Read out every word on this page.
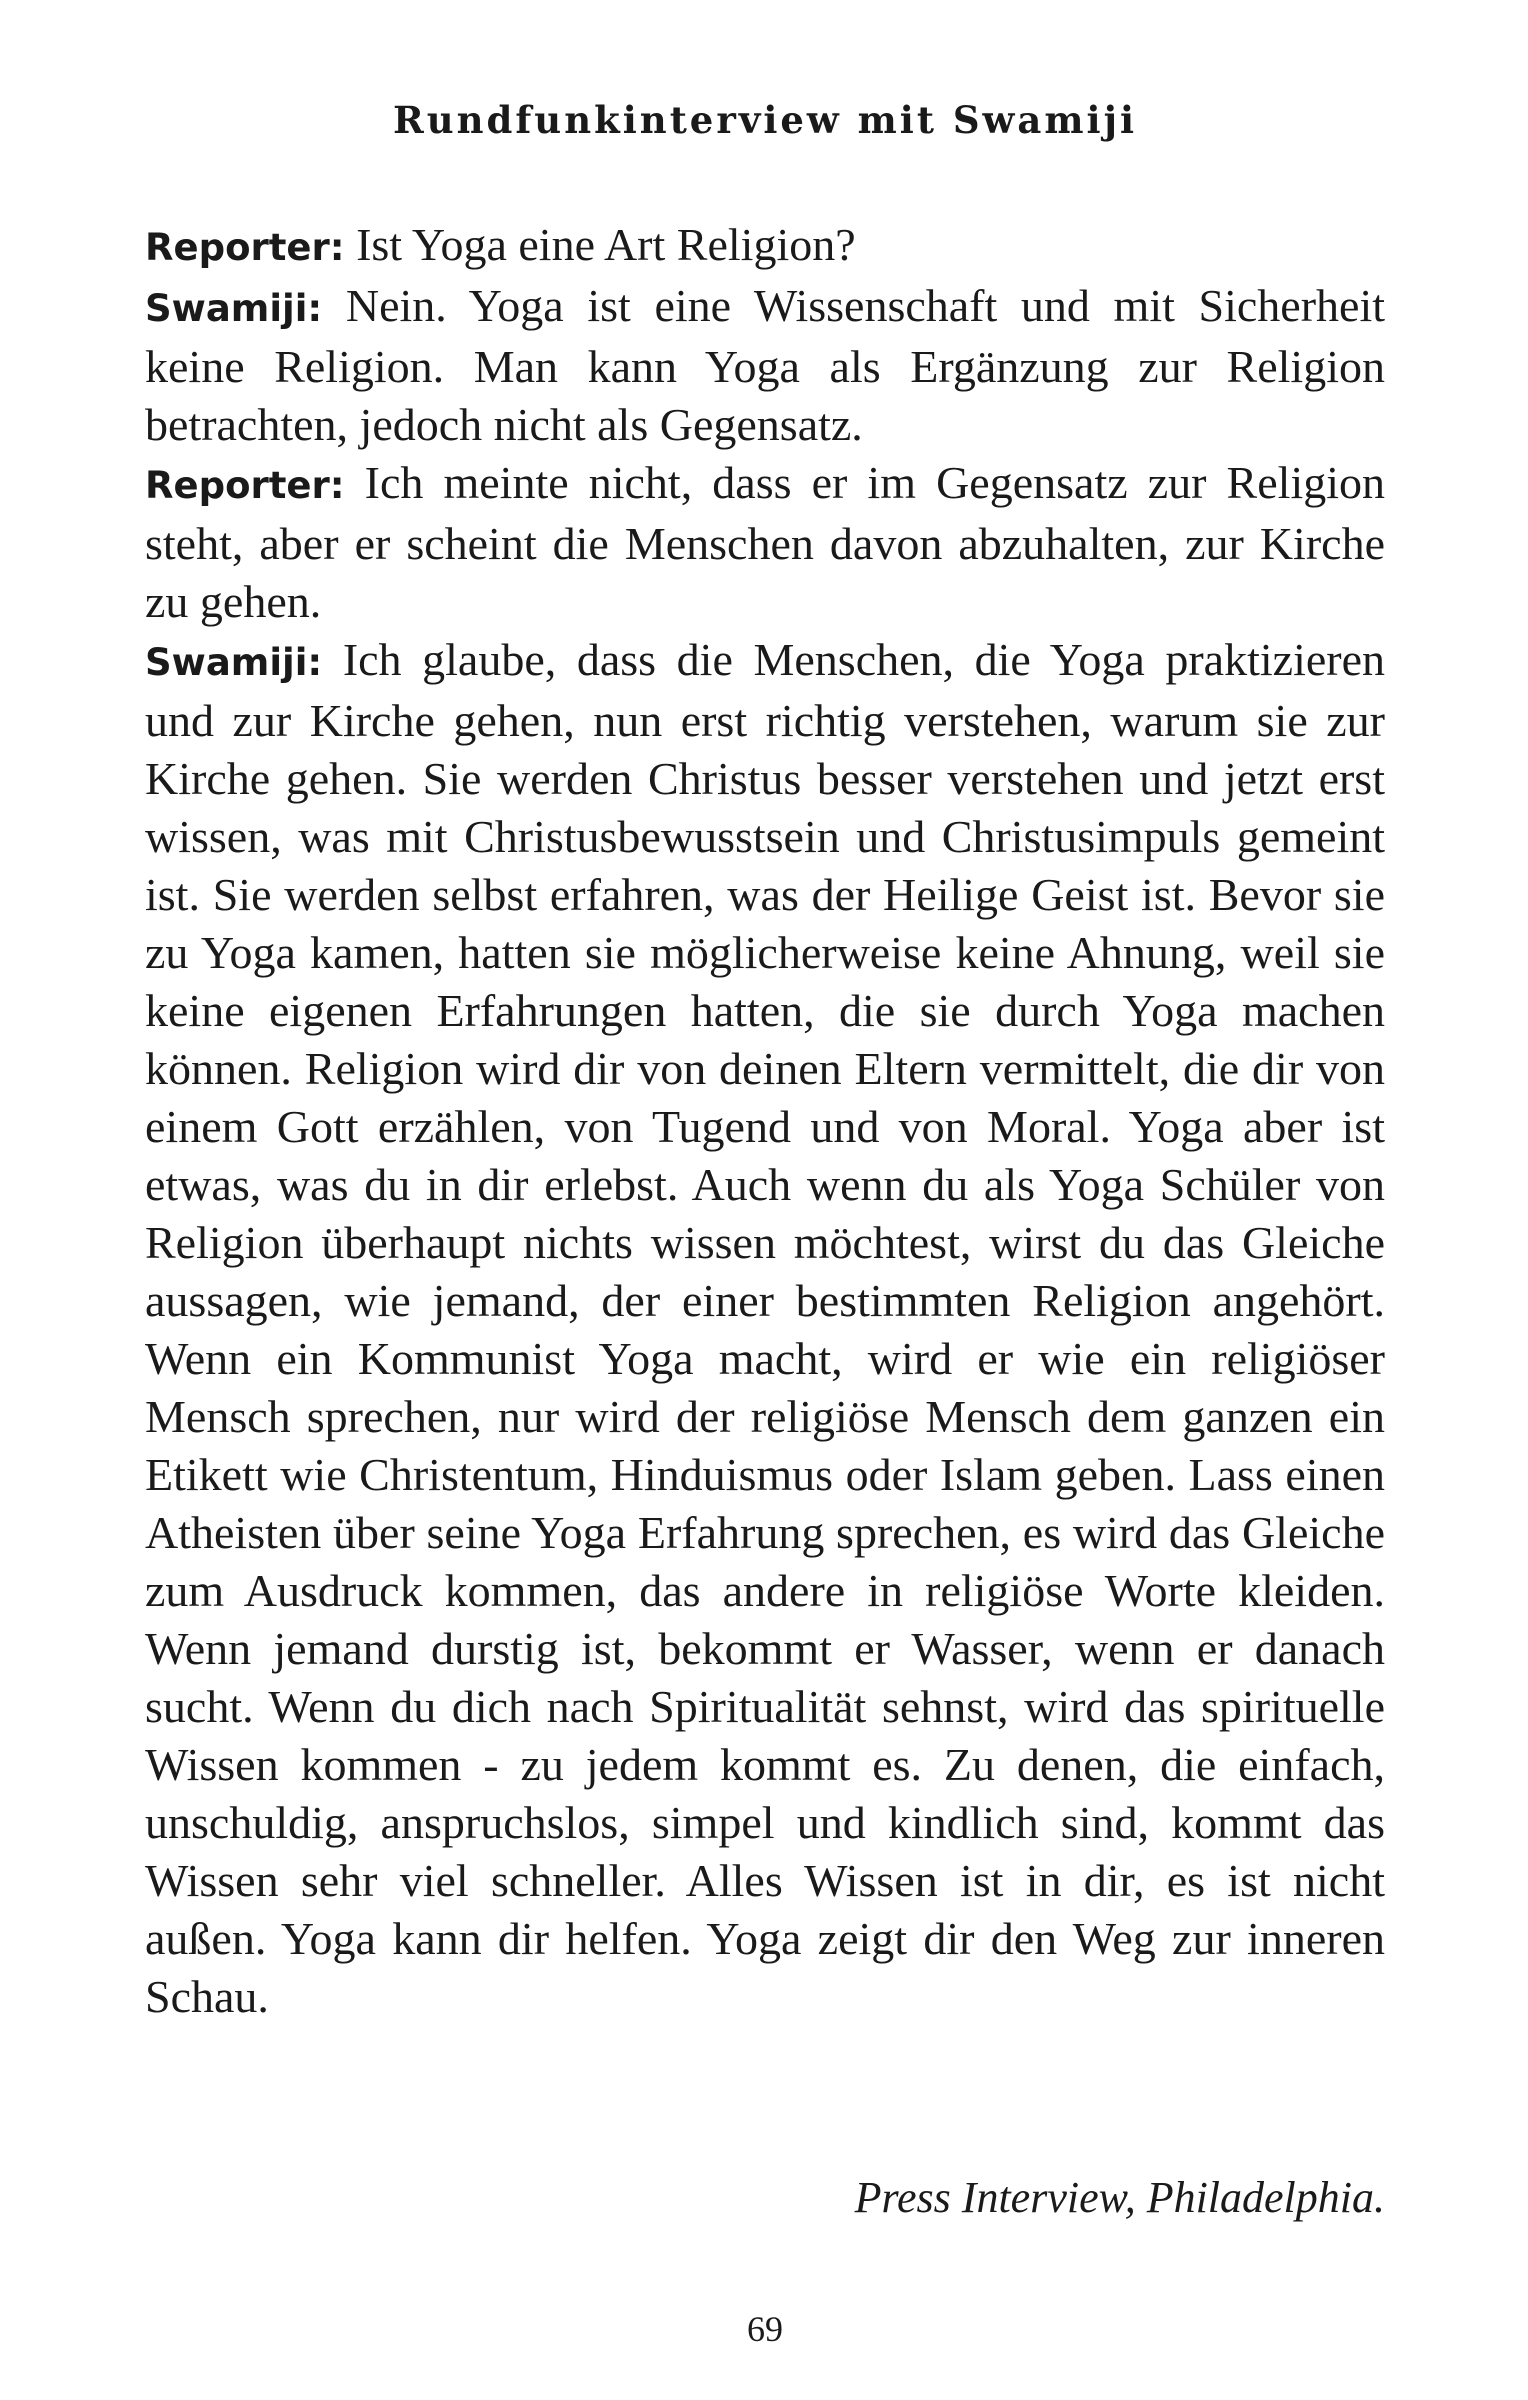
Rundfunkinterview mit Swamiji

Reporter: Ist Yoga eine Art Religion?

Swamiji: Nein. Yoga ist eine Wissenschaft und mit Sicherheit keine Religion. Man kann Yoga als Ergänzung zur Religion betrachten, jedoch nicht als Gegensatz.

Reporter: Ich meinte nicht, dass er im Gegensatz zur Religion steht, aber er scheint die Menschen davon abzuhalten, zur Kirche zu gehen.

Swamiji: Ich glaube, dass die Menschen, die Yoga praktizieren und zur Kirche gehen, nun erst richtig verstehen, warum sie zur Kirche gehen. Sie werden Christus besser verstehen und jetzt erst wissen, was mit Christusbewusstsein und Christusimpuls gemeint ist. Sie werden selbst erfahren, was der Heilige Geist ist. Bevor sie zu Yoga kamen, hatten sie möglicherweise keine Ahnung, weil sie keine eigenen Erfahrungen hatten, die sie durch Yoga machen können. Religion wird dir von deinen Eltern vermittelt, die dir von einem Gott erzählen, von Tugend und von Moral. Yoga aber ist etwas, was du in dir erlebst. Auch wenn du als Yoga Schüler von Religion überhaupt nichts wissen möchtest, wirst du das Gleiche aussagen, wie jemand, der einer bestimmten Religion angehört. Wenn ein Kommunist Yoga macht, wird er wie ein religiöser Mensch sprechen, nur wird der religiöse Mensch dem ganzen ein Etikett wie Christentum, Hinduismus oder Islam geben. Lass einen Atheisten über seine Yoga Erfahrung sprechen, es wird das Gleiche zum Ausdruck kommen, das andere in religiöse Worte kleiden. Wenn jemand durstig ist, bekommt er Wasser, wenn er danach sucht. Wenn du dich nach Spiritualität sehnst, wird das spirituelle Wissen kommen - zu jedem kommt es. Zu denen, die einfach, unschuldig, anspruchslos, simpel und kindlich sind, kommt das Wissen sehr viel schneller. Alles Wissen ist in dir, es ist nicht außen. Yoga kann dir helfen. Yoga zeigt dir den Weg zur inneren Schau.

Press Interview, Philadelphia.

69
